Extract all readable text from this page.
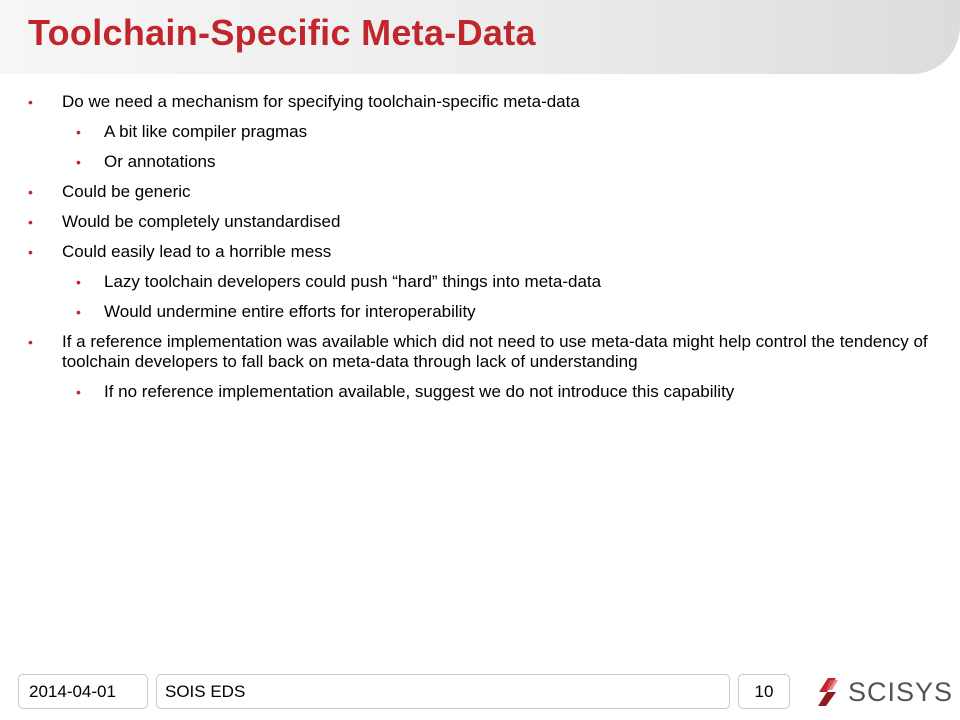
Toolchain-Specific Meta-Data
• Do we need a mechanism for specifying toolchain-specific meta-data
• A bit like compiler pragmas
• Or annotations
• Could be generic
• Would be completely unstandardised
• Could easily lead to a horrible mess
• Lazy toolchain developers could push “hard” things into meta-data
• Would undermine entire efforts for interoperability
• If a reference implementation was available which did not need to use meta-data might help control the tendency of toolchain developers to fall back on meta-data through lack of understanding
• If no reference implementation available, suggest we do not introduce this capability
2014-04-01	SOIS EDS	10	SCISYS
